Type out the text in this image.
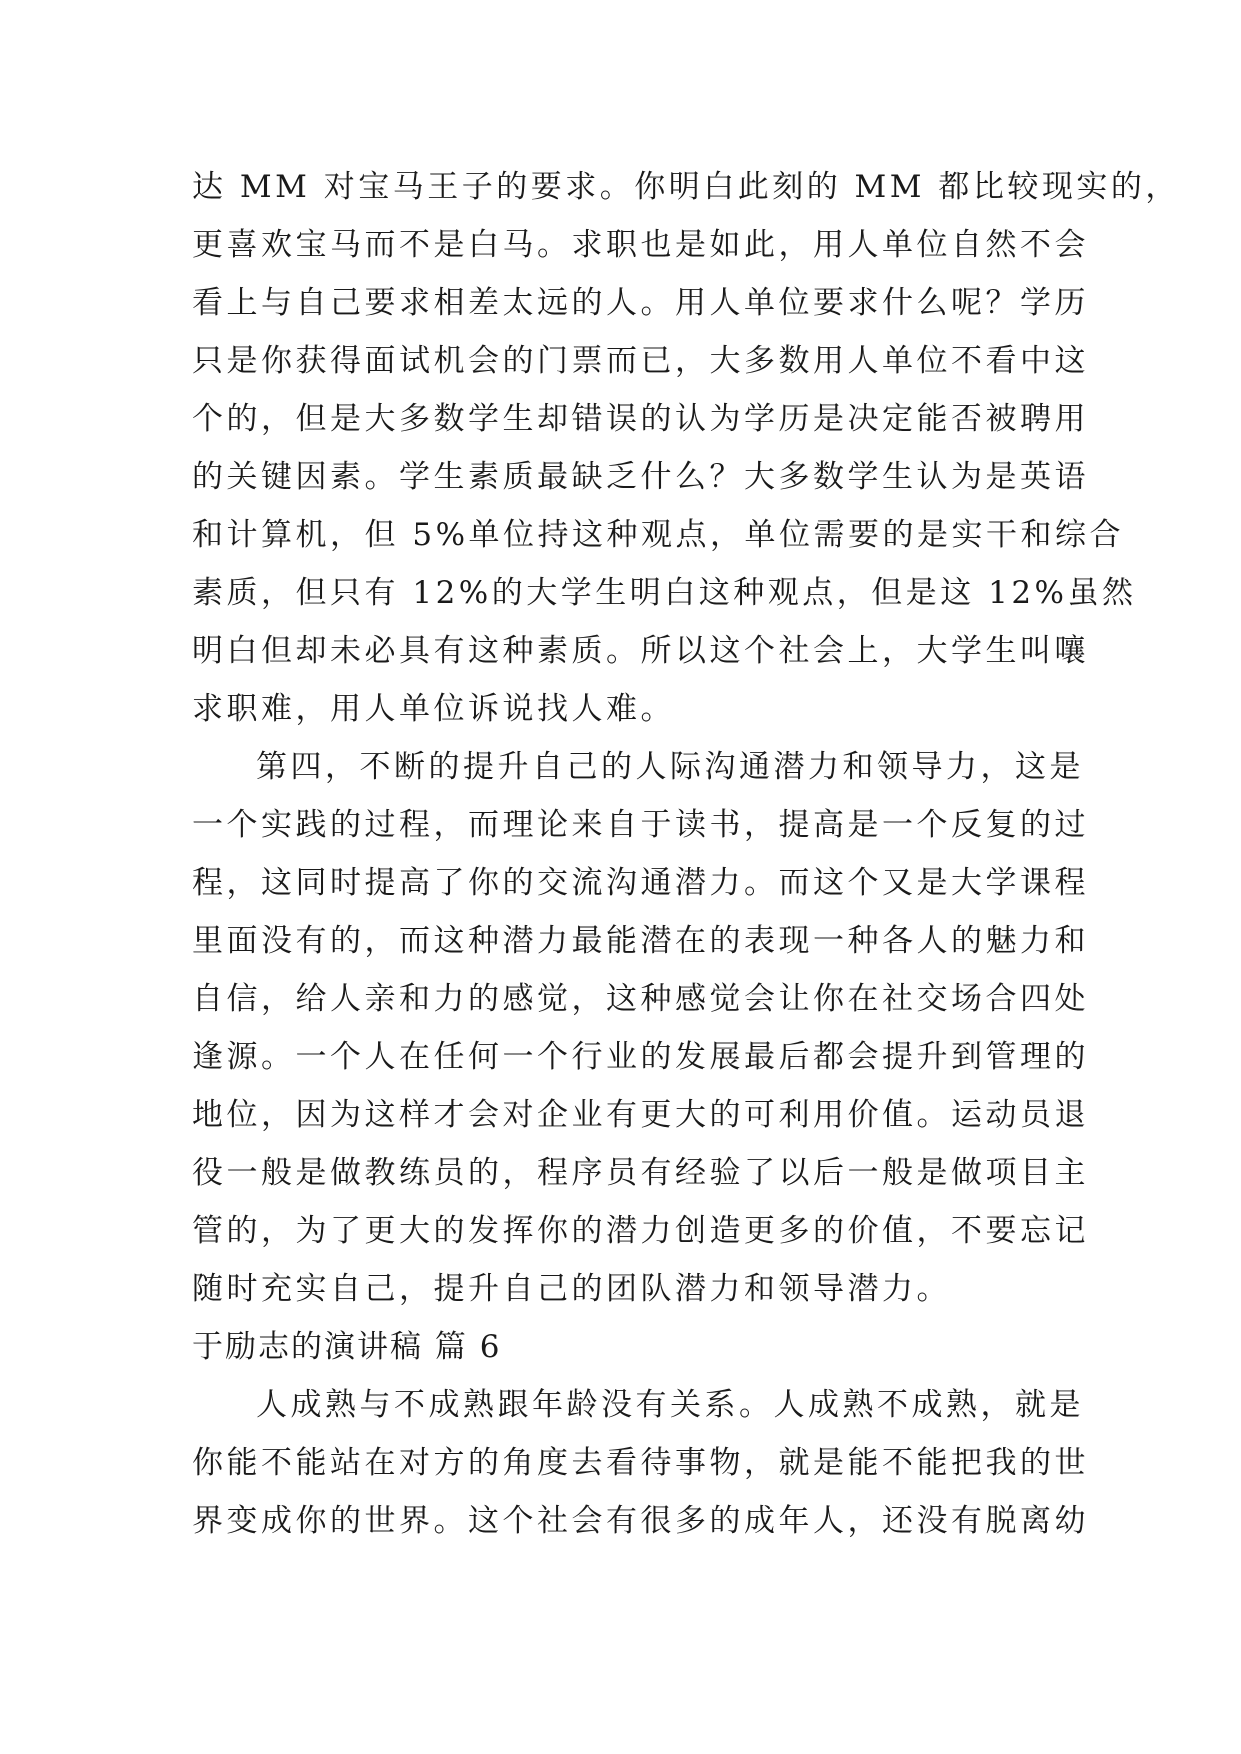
达 MM 对宝马王子的要求。你明白此刻的 MM 都比较现实的，
更喜欢宝马而不是白马。求职也是如此，用人单位自然不会
看上与自己要求相差太远的人。用人单位要求什么呢？学历
只是你获得面试机会的门票而已，大多数用人单位不看中这
个的，但是大多数学生却错误的认为学历是决定能否被聘用
的关键因素。学生素质最缺乏什么？大多数学生认为是英语
和计算机，但 5%单位持这种观点，单位需要的是实干和综合
素质，但只有 12%的大学生明白这种观点，但是这 12%虽然
明白但却未必具有这种素质。所以这个社会上，大学生叫嚷
求职难，用人单位诉说找人难。
第四，不断的提升自己的人际沟通潜力和领导力，这是
一个实践的过程，而理论来自于读书，提高是一个反复的过
程，这同时提高了你的交流沟通潜力。而这个又是大学课程
里面没有的，而这种潜力最能潜在的表现一种各人的魅力和
自信，给人亲和力的感觉，这种感觉会让你在社交场合四处
逢源。一个人在任何一个行业的发展最后都会提升到管理的
地位，因为这样才会对企业有更大的可利用价值。运动员退
役一般是做教练员的，程序员有经验了以后一般是做项目主
管的，为了更大的发挥你的潜力创造更多的价值，不要忘记
随时充实自己，提升自己的团队潜力和领导潜力。
于励志的演讲稿 篇 6
人成熟与不成熟跟年龄没有关系。人成熟不成熟，就是
你能不能站在对方的角度去看待事物，就是能不能把我的世
界变成你的世界。这个社会有很多的成年人，还没有脱离幼
